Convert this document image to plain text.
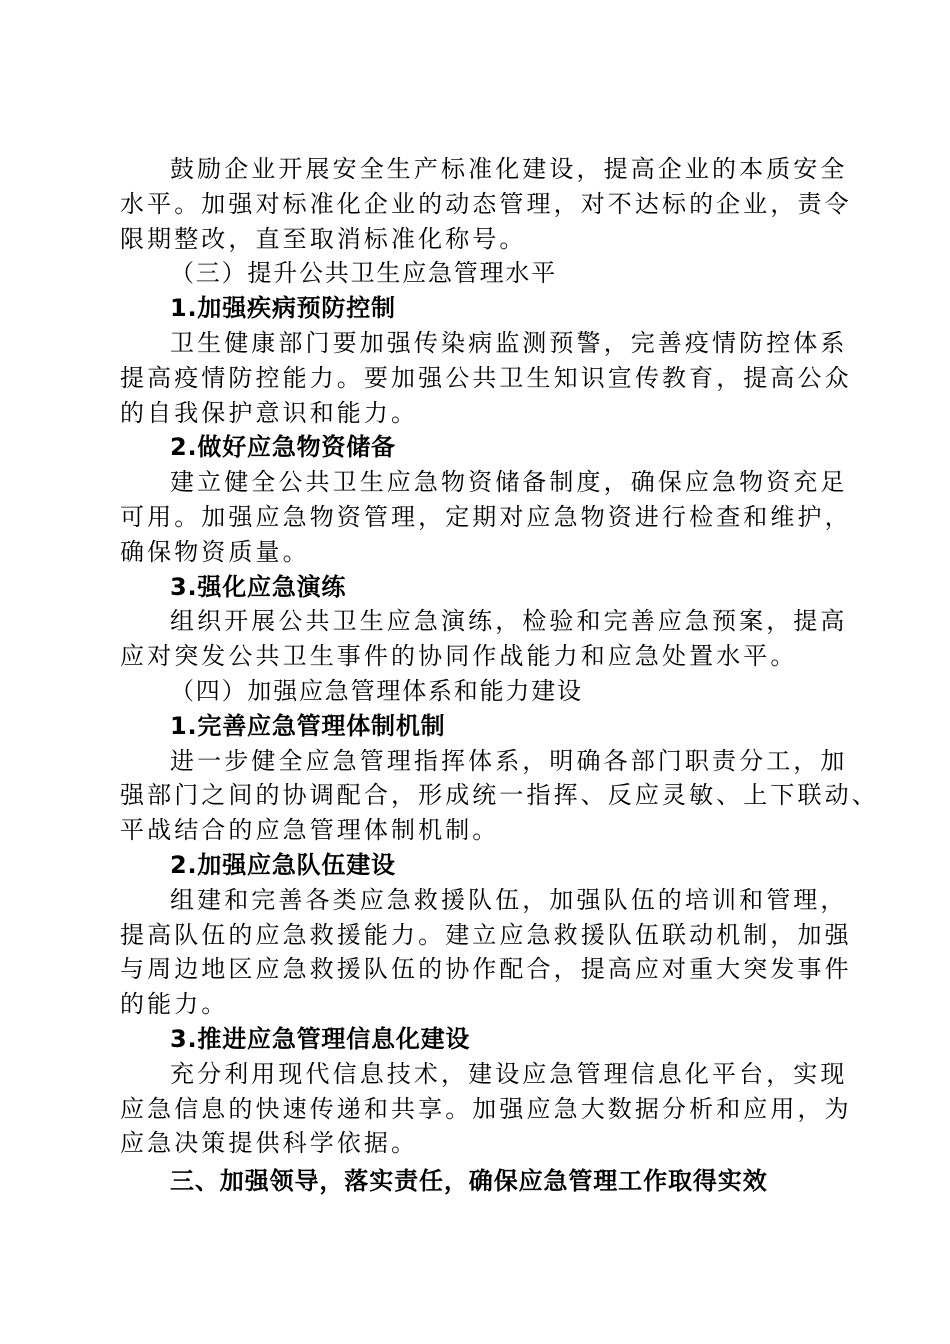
鼓励企业开展安全生产标准化建设，提高企业的本质安全
水平。加强对标准化企业的动态管理，对不达标的企业，责令
限期整改，直至取消标准化称号。
（三）提升公共卫生应急管理水平
1.加强疾病预防控制
卫生健康部门要加强传染病监测预警，完善疫情防控体系
提高疫情防控能力。要加强公共卫生知识宣传教育，提高公众
的自我保护意识和能力。
2.做好应急物资储备
建立健全公共卫生应急物资储备制度，确保应急物资充足
可用。加强应急物资管理，定期对应急物资进行检查和维护，
确保物资质量。
3.强化应急演练
组织开展公共卫生应急演练，检验和完善应急预案，提高
应对突发公共卫生事件的协同作战能力和应急处置水平。
（四）加强应急管理体系和能力建设
1.完善应急管理体制机制
进一步健全应急管理指挥体系，明确各部门职责分工，加
强部门之间的协调配合，形成统一指挥、反应灵敏、上下联动、
平战结合的应急管理体制机制。
2.加强应急队伍建设
组建和完善各类应急救援队伍，加强队伍的培训和管理，
提高队伍的应急救援能力。建立应急救援队伍联动机制，加强
与周边地区应急救援队伍的协作配合，提高应对重大突发事件
的能力。
3.推进应急管理信息化建设
充分利用现代信息技术，建设应急管理信息化平台，实现
应急信息的快速传递和共享。加强应急大数据分析和应用，为
应急决策提供科学依据。
三、加强领导，落实责任，确保应急管理工作取得实效
